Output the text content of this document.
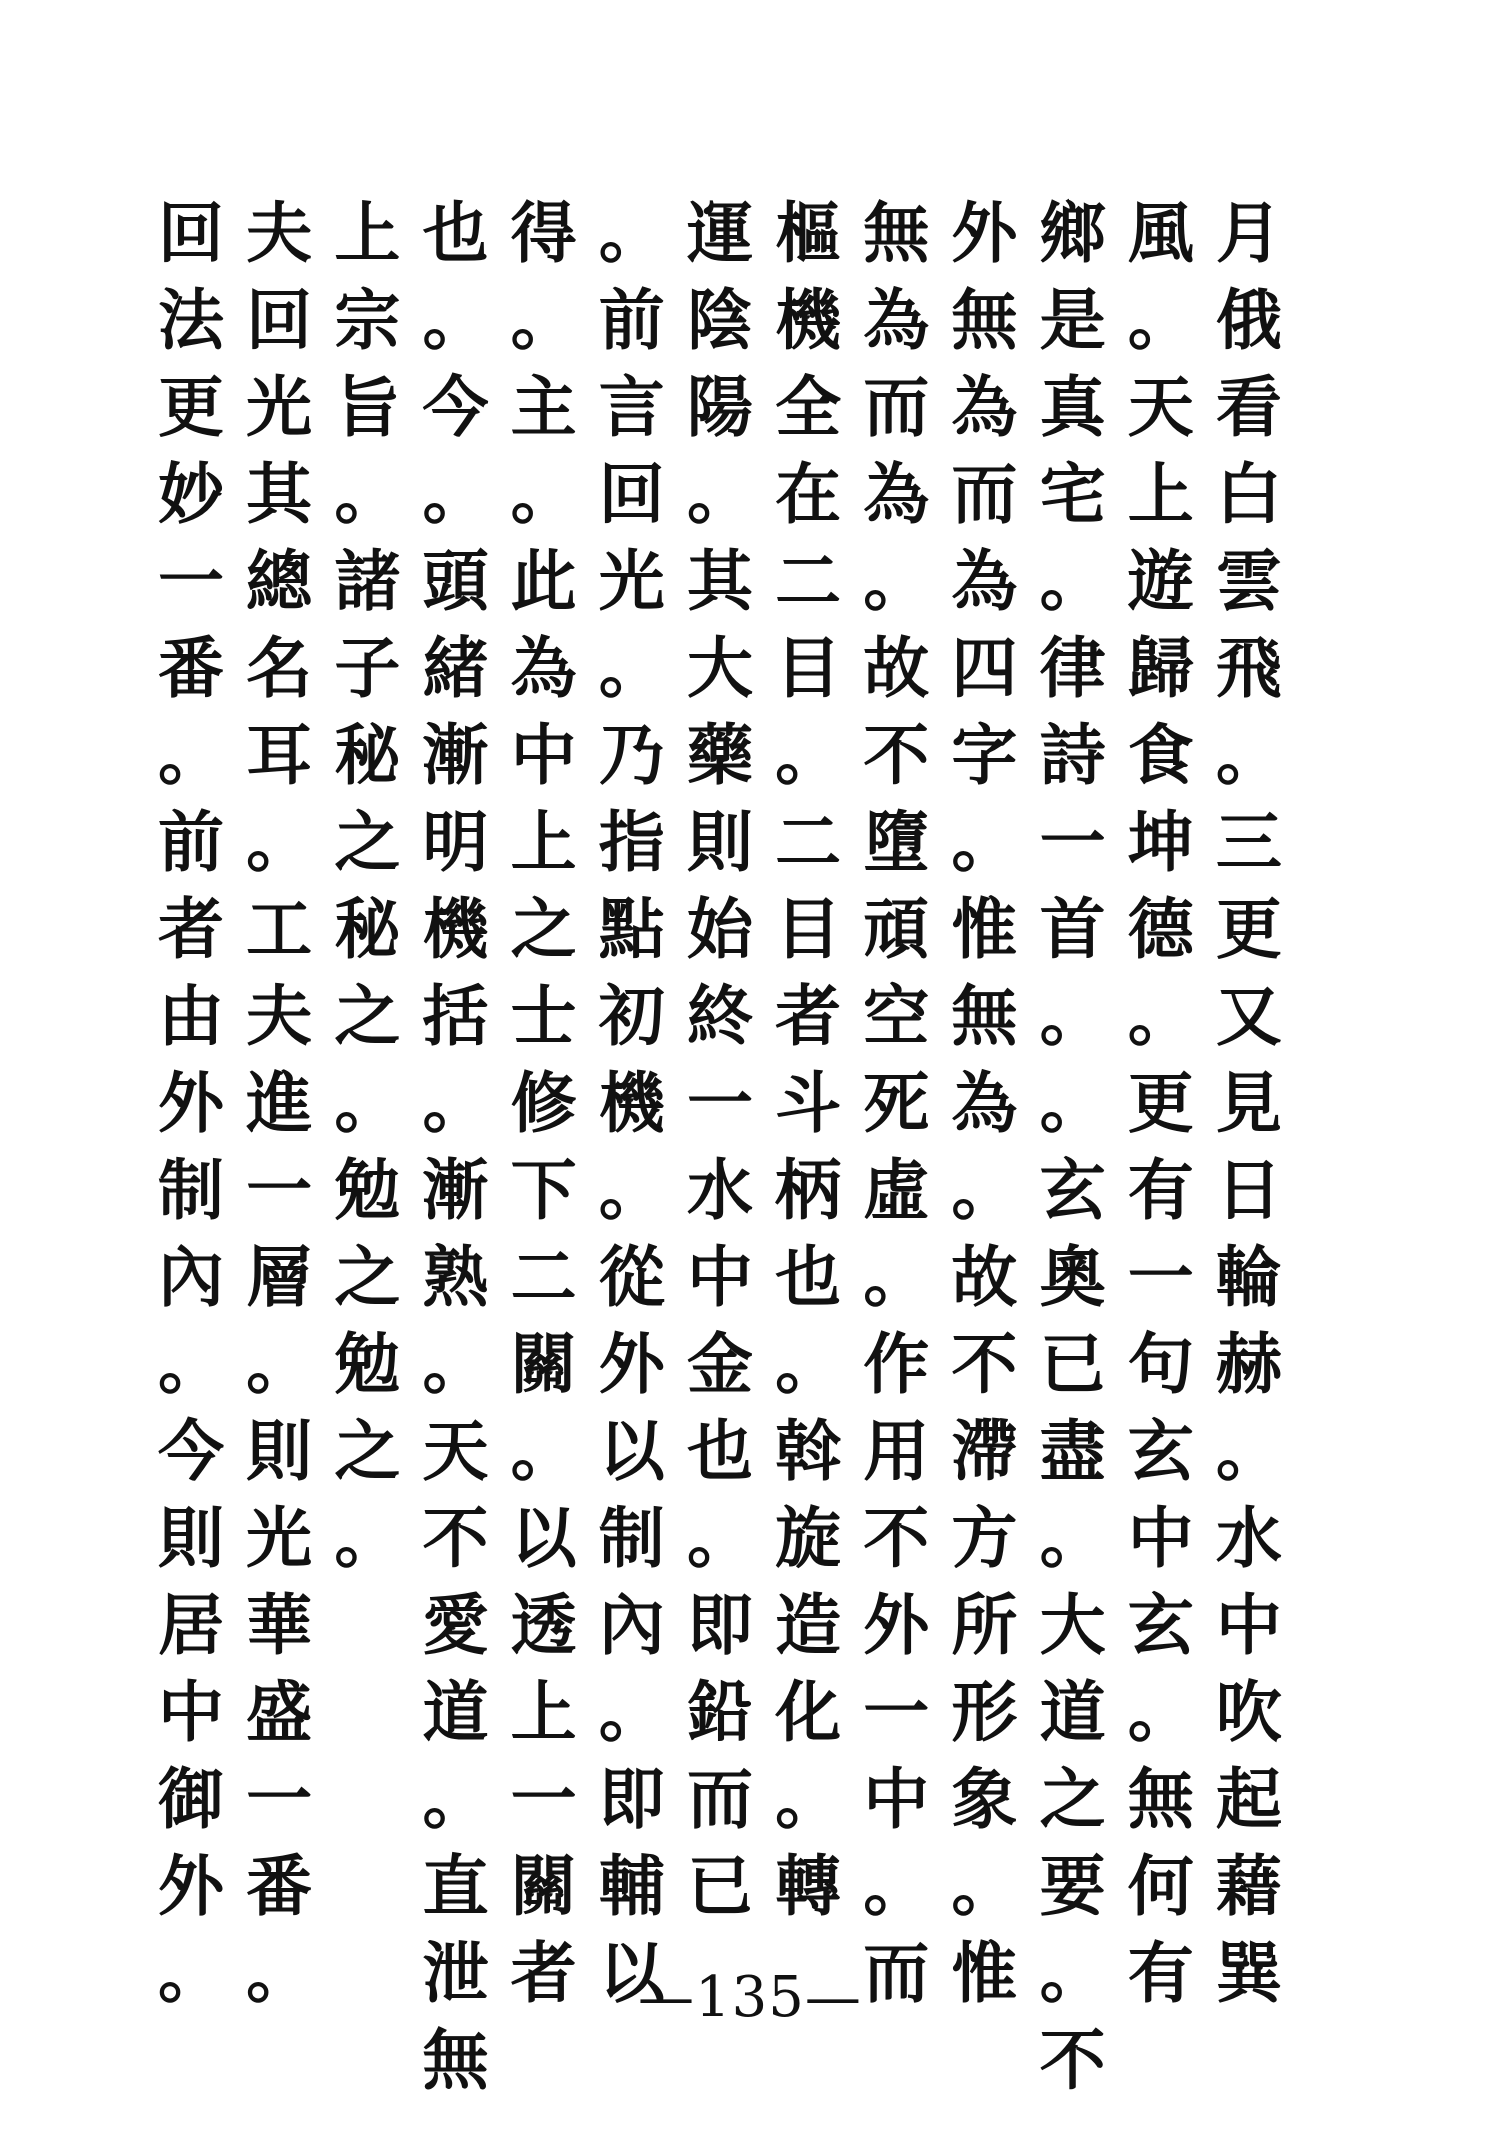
月
俄
看
白
雲
飛
。
三
更
又
見
日
輪
赫
。
水
中
吹
起
藉
巽
風
。
天
上
遊
歸
食
坤
德
。
更
有
一
句
玄
中
玄
。
無
何
有
鄉
是
真
宅
。
律
詩
一
首
。
。
玄
奧
已
盡
。
大
道
之
要
。
不
外
無
為
而
為
四
字
。
惟
無
為
。
故
不
滯
方
所
形
象
。
惟
無
為
而
為
。
故
不
墮
頑
空
死
虛
。
作
用
不
外
一
中
。
而
樞
機
全
在
二
目
。
二
目
者
斗
柄
也
。
斡
旋
造
化
。
轉
運
陰
陽
。
其
大
藥
則
始
終
一
水
中
金
也
。
即
鉛
而
已
。
前
言
回
光
。
乃
指
點
初
機
。
從
外
以
制
內
。
即
輔
以
得
。
主
。
此
為
中
上
之
士
修
下
二
關
。
以
透
上
一
關
者
也
。
今
。
頭
緒
漸
明
機
括
。
漸
熟
。
天
不
愛
道
。
直
泄
無
上
宗
旨
。
諸
子
秘
之
秘
之
。
勉
之
勉
之
。
夫
回
光
其
總
名
耳
。
工
夫
進
一
層
。
則
光
華
盛
一
番
。
回
法
更
妙
一
番
。
前
者
由
外
制
內
。
今
則
居
中
御
外
。	—135—
